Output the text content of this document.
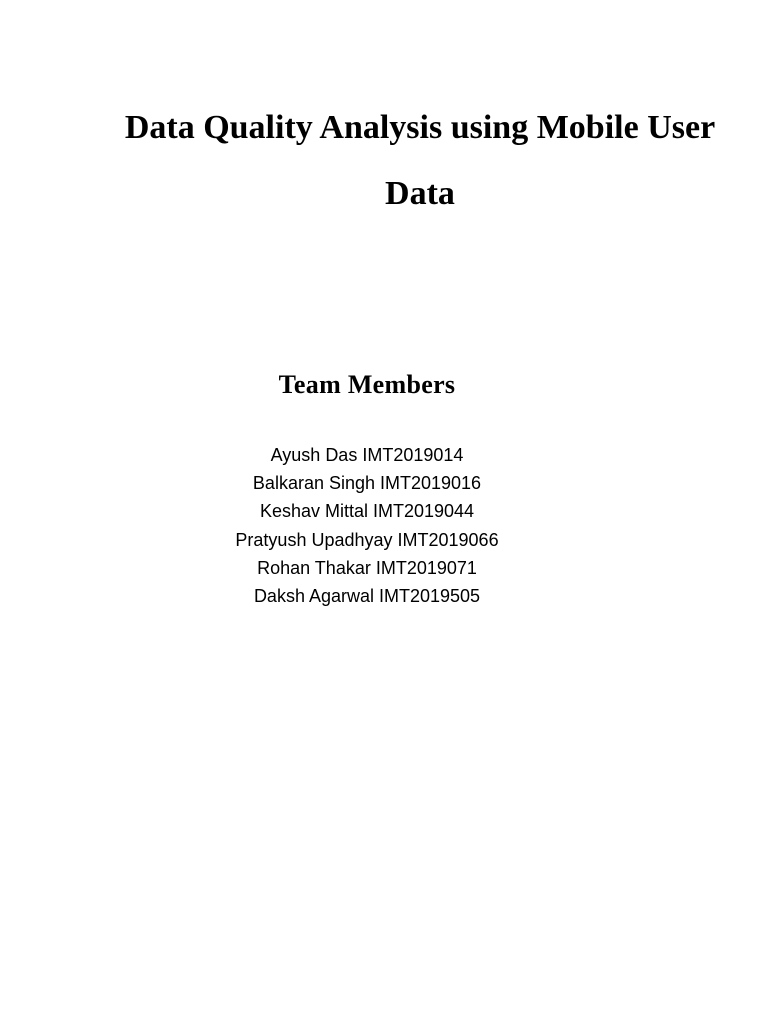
Data Quality Analysis using Mobile User
Data
Team Members
Ayush Das IMT2019014
Balkaran Singh IMT2019016
Keshav Mittal IMT2019044
Pratyush Upadhyay IMT2019066
Rohan Thakar IMT2019071
Daksh Agarwal IMT2019505
